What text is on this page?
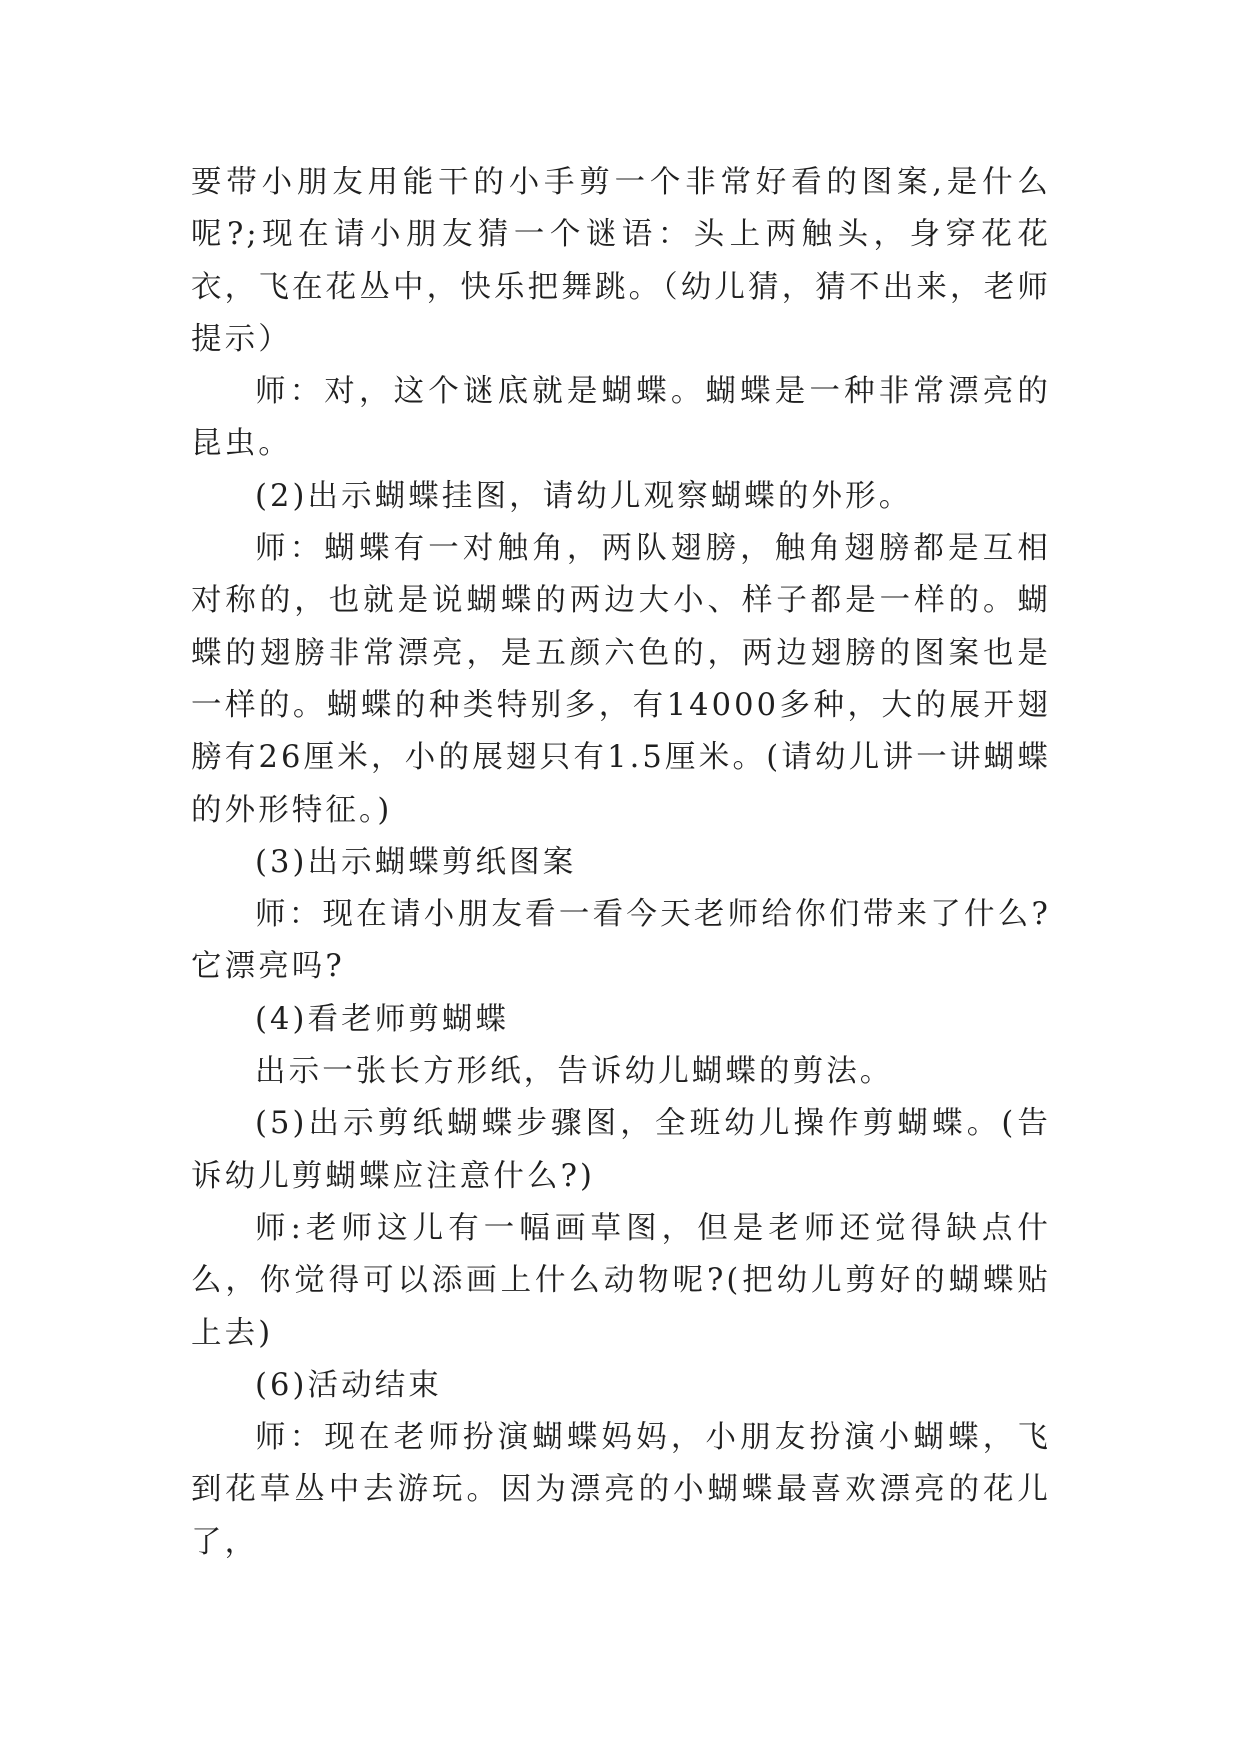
要带小朋友用能干的小手剪一个非常好看的图案,是什么呢?;现在请小朋友猜一个谜语：头上两触头，身穿花花衣，飞在花丛中，快乐把舞跳。（幼儿猜，猜不出来，老师提示）

师：对，这个谜底就是蝴蝶。蝴蝶是一种非常漂亮的昆虫。

(2)出示蝴蝶挂图，请幼儿观察蝴蝶的外形。

师：蝴蝶有一对触角，两队翅膀，触角翅膀都是互相对称的，也就是说蝴蝶的两边大小、样子都是一样的。蝴蝶的翅膀非常漂亮，是五颜六色的，两边翅膀的图案也是一样的。蝴蝶的种类特别多，有14000多种，大的展开翅膀有26厘米，小的展翅只有1.5厘米。(请幼儿讲一讲蝴蝶的外形特征。)

(3)出示蝴蝶剪纸图案

师：现在请小朋友看一看今天老师给你们带来了什么?它漂亮吗?

(4)看老师剪蝴蝶

出示一张长方形纸，告诉幼儿蝴蝶的剪法。

(5)出示剪纸蝴蝶步骤图，全班幼儿操作剪蝴蝶。(告诉幼儿剪蝴蝶应注意什么?)

师:老师这儿有一幅画草图，但是老师还觉得缺点什么，你觉得可以添画上什么动物呢?(把幼儿剪好的蝴蝶贴上去)

(6)活动结束

师：现在老师扮演蝴蝶妈妈，小朋友扮演小蝴蝶，飞到花草丛中去游玩。因为漂亮的小蝴蝶最喜欢漂亮的花儿了，
